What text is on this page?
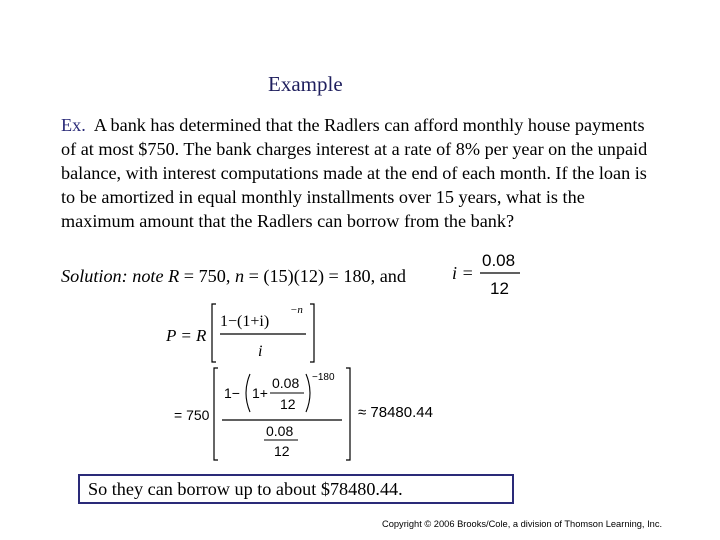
Example
Ex. A bank has determined that the Radlers can afford monthly house payments of at most $750. The bank charges interest at a rate of 8% per year on the unpaid balance, with interest computations made at the end of each month. If the loan is to be amortized in equal monthly installments over 15 years, what is the maximum amount that the Radlers can borrow from the bank?
Solution: note R = 750, n = (15)(12) = 180, and	i =
0.08
12
P = R
1−(1+i)
−n
i
= 750
1− 1+
0.08
12
−180
0.08
12
≈ 78480.44
So they can borrow up to about $78480.44.
Copyright © 2006 Brooks/Cole, a division of Thomson Learning, Inc.
